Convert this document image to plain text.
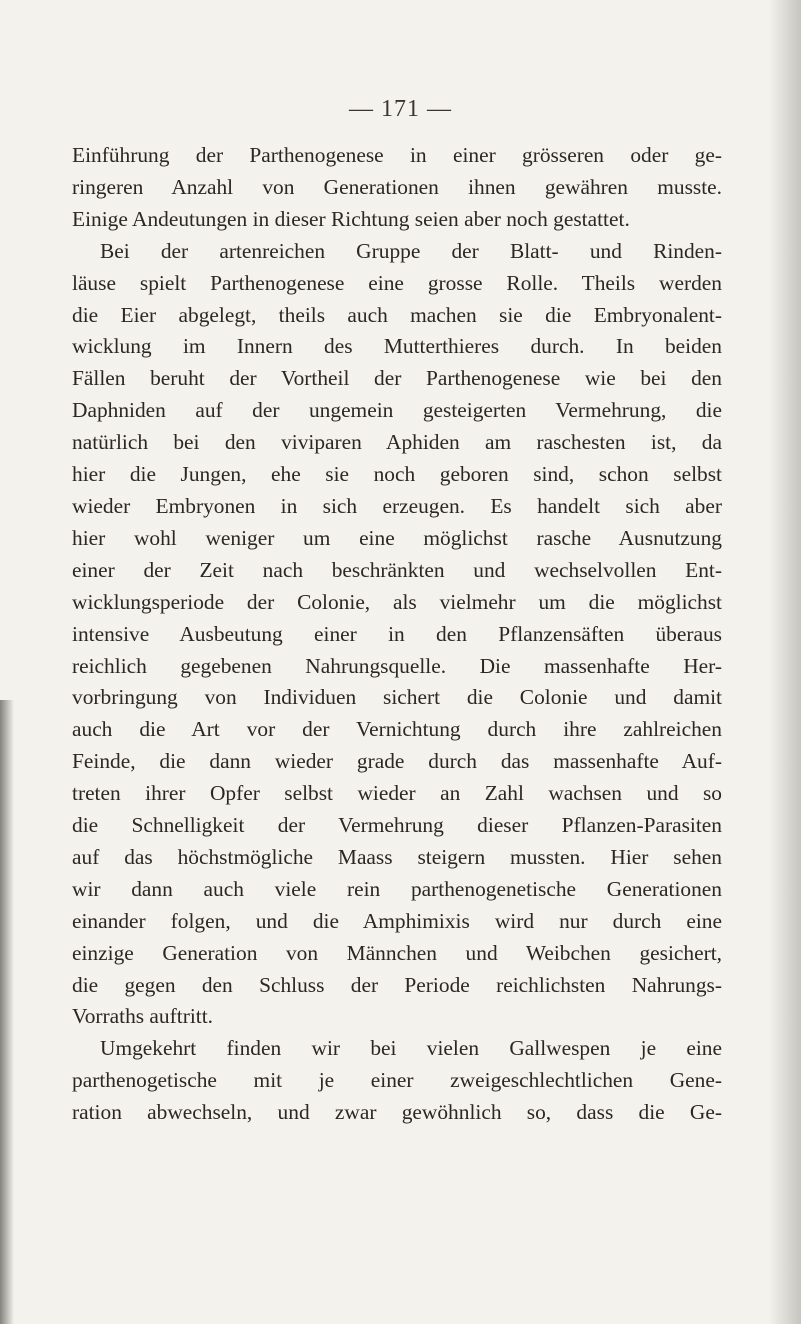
— 171 —
Einführung der Parthenogenese in einer grösseren oder ge-
ringeren Anzahl von Generationen ihnen gewähren musste.
Einige Andeutungen in dieser Richtung seien aber noch gestattet.
Bei der artenreichen Gruppe der Blatt- und Rinden-
läuse spielt Parthenogenese eine grosse Rolle. Theils werden
die Eier abgelegt, theils auch machen sie die Embryonalent-
wicklung im Innern des Mutterthieres durch. In beiden
Fällen beruht der Vortheil der Parthenogenese wie bei den
Daphniden auf der ungemein gesteigerten Vermehrung, die
natürlich bei den viviparen Aphiden am raschesten ist, da
hier die Jungen, ehe sie noch geboren sind, schon selbst
wieder Embryonen in sich erzeugen. Es handelt sich aber
hier wohl weniger um eine möglichst rasche Ausnutzung
einer der Zeit nach beschränkten und wechselvollen Ent-
wicklungsperiode der Colonie, als vielmehr um die möglichst
intensive Ausbeutung einer in den Pflanzensäften überaus
reichlich gegebenen Nahrungsquelle. Die massenhafte Her-
vorbringung von Individuen sichert die Colonie und damit
auch die Art vor der Vernichtung durch ihre zahlreichen
Feinde, die dann wieder grade durch das massenhafte Auf-
treten ihrer Opfer selbst wieder an Zahl wachsen und so
die Schnelligkeit der Vermehrung dieser Pflanzen-Parasiten
auf das höchstmögliche Maass steigern mussten. Hier sehen
wir dann auch viele rein parthenogenetische Generationen
einander folgen, und die Amphimixis wird nur durch eine
einzige Generation von Männchen und Weibchen gesichert,
die gegen den Schluss der Periode reichlichsten Nahrungs-
Vorraths auftritt.
Umgekehrt finden wir bei vielen Gallwespen je eine
parthenogetische mit je einer zweigeschlechtlichen Gene-
ration abwechseln, und zwar gewöhnlich so, dass die Ge-
